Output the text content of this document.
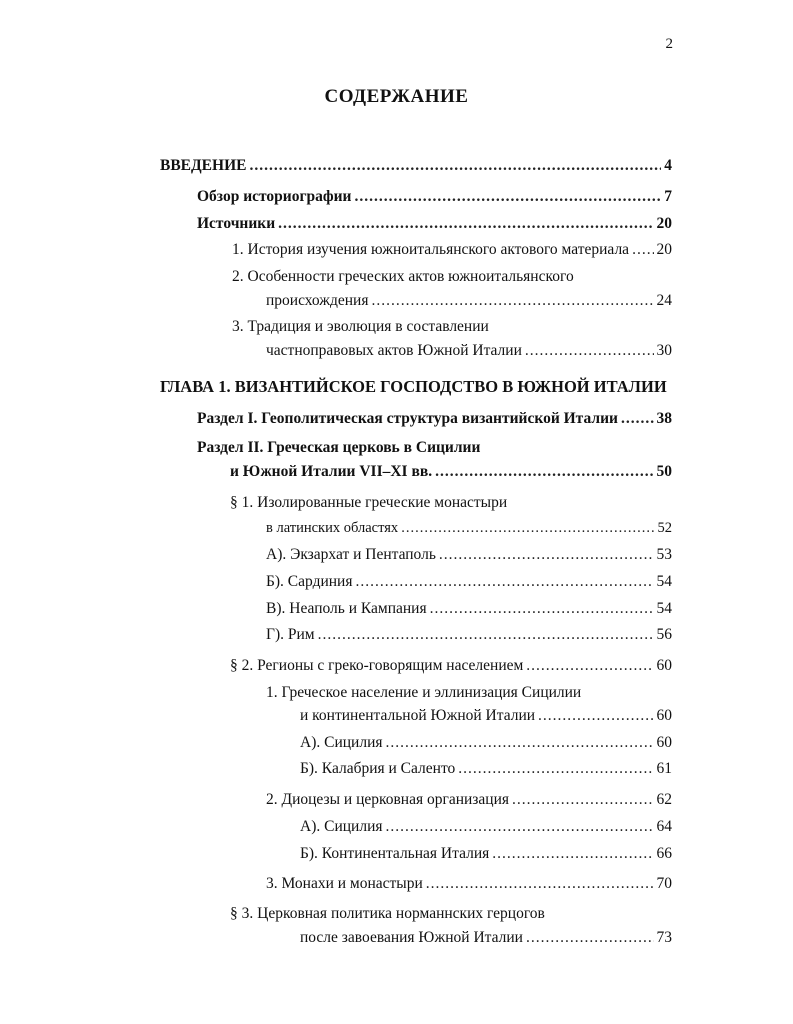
2
СОДЕРЖАНИЕ
ВВЕДЕНИЕ .....	4
Обзор историографии .....	7
Источники .....	20
1. История изучения южноитальянского актового материала ..... 20
2. Особенности греческих актов южноитальянского
происхождения .....	24
3. Традиция и эволюция в составлении
частноправовых актов Южной Италии .....	30
ГЛАВА 1. ВИЗАНТИЙСКОЕ ГОСПОДСТВО В ЮЖНОЙ ИТАЛИИ
Раздел I. Геополитическая структура византийской Италии ..... 38
Раздел II. Греческая церковь в Сицилии
и Южной Италии VII–XI вв. .....	50
§ 1. Изолированные греческие монастыри
в латинских областях .....	52
А). Экзархат и Пентаполь .....	53
Б). Сардиния .....	54
В). Неаполь и Кампания .....	54
Г). Рим .....	56
§ 2. Регионы с греко-говорящим населением .....	60
1. Греческое население и эллинизация Сицилии
и континентальной Южной Италии .....	60
А). Сицилия .....	60
Б). Калабрия и Саленто .....	61
2. Диоцезы и церковная организация .....	62
А). Сицилия .....	64
Б). Континентальная Италия .....	66
3. Монахи и монастыри .....	70
§ 3. Церковная политика норманнских герцогов
после завоевания Южной Италии .....	73
